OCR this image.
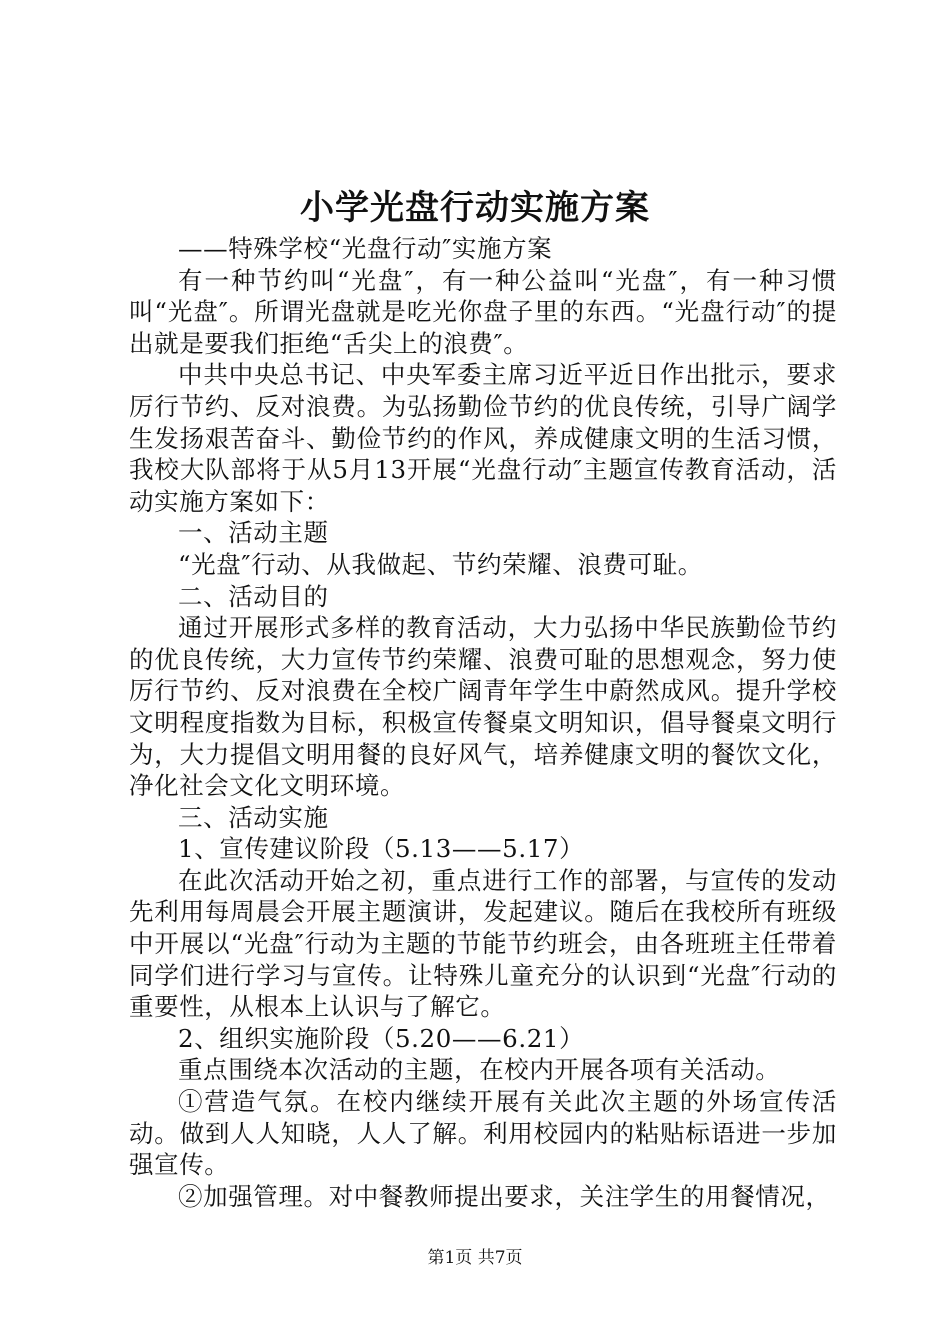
小学光盘行动实施方案

——特殊学校“光盘行动″实施方案

有一种节约叫“光盘″，有一种公益叫“光盘″，有一种习惯叫“光盘″。所谓光盘就是吃光你盘子里的东西。“光盘行动″的提出就是要我们拒绝“舌尖上的浪费″。

中共中央总书记、中央军委主席习近平近日作出批示，要求厉行节约、反对浪费。为弘扬勤俭节约的优良传统，引导广阔学生发扬艰苦奋斗、勤俭节约的作风，养成健康文明的生活习惯，我校大队部将于从5月13开展“光盘行动″主题宣传教育活动，活动实施方案如下：

一、活动主题

“光盘″行动、从我做起、节约荣耀、浪费可耻。

二、活动目的

通过开展形式多样的教育活动，大力弘扬中华民族勤俭节约的优良传统，大力宣传节约荣耀、浪费可耻的思想观念，努力使厉行节约、反对浪费在全校广阔青年学生中蔚然成风。提升学校文明程度指数为目标，积极宣传餐桌文明知识，倡导餐桌文明行为，大力提倡文明用餐的良好风气，培养健康文明的餐饮文化，净化社会文化文明环境。

三、活动实施

1、宣传建议阶段（5.13——5.17）

在此次活动开始之初，重点进行工作的部署，与宣传的发动先利用每周晨会开展主题演讲，发起建议。随后在我校所有班级中开展以“光盘″行动为主题的节能节约班会，由各班班主任带着同学们进行学习与宣传。让特殊儿童充分的认识到“光盘″行动的重要性，从根本上认识与了解它。

2、组织实施阶段（5.20——6.21）

重点围绕本次活动的主题，在校内开展各项有关活动。

①营造气氛。在校内继续开展有关此次主题的外场宣传活动。做到人人知晓，人人了解。利用校园内的粘贴标语进一步加强宣传。

②加强管理。对中餐教师提出要求，关注学生的用餐情况，

第1页 共7页
